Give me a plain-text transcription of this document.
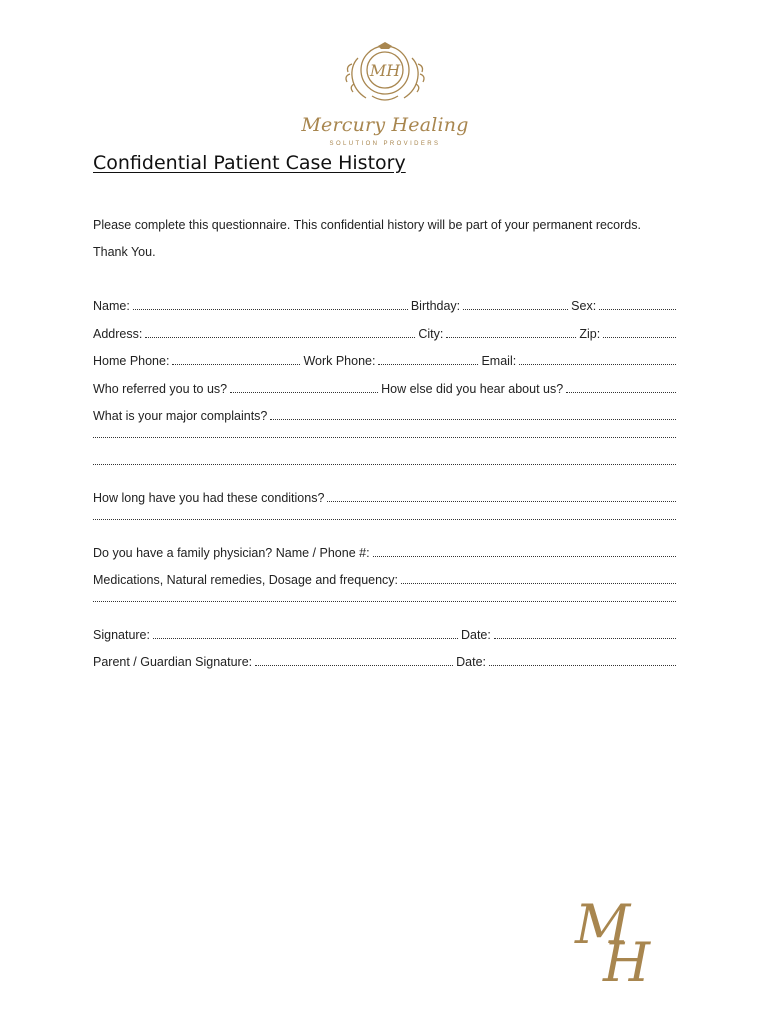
MH
Mercury Healing
SOLUTION PROVIDERS
Confidential Patient Case History
Please complete this questionnaire. This confidential history will be part of your permanent records.
Thank You.
Name:	Birthday:	Sex:
Address:	City:	Zip:
Home Phone:	Work Phone:	Email:
Who referred you to us?	How else did you hear about us?
What is your major complaints?
How long have you had these conditions?
Do you have a family physician? Name / Phone #:
Medications, Natural remedies, Dosage and frequency:
Signature:	Date:
Parent / Guardian Signature:	Date:
M
H
